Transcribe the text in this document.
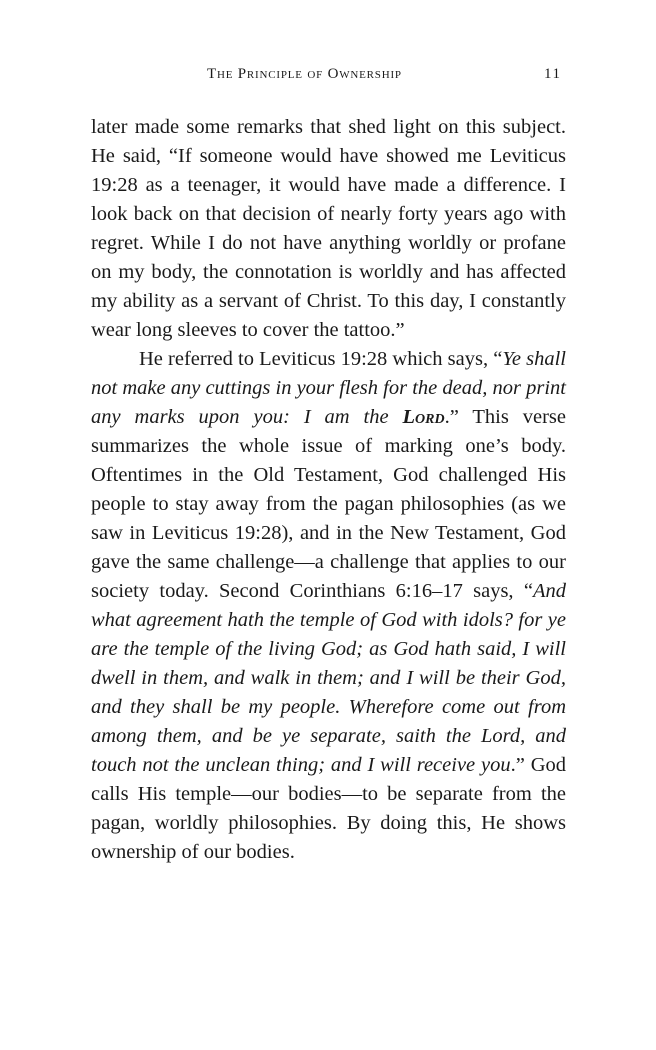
The Principle of Ownership	11

later made some remarks that shed light on this subject. He said, “If someone would have showed me Leviticus 19:28 as a teenager, it would have made a difference. I look back on that decision of nearly forty years ago with regret. While I do not have anything worldly or profane on my body, the connotation is worldly and has affected my ability as a servant of Christ. To this day, I constantly wear long sleeves to cover the tattoo.”

He referred to Leviticus 19:28 which says, “Ye shall not make any cuttings in your flesh for the dead, nor print any marks upon you: I am the Lord.” This verse summarizes the whole issue of marking one’s body. Oftentimes in the Old Testament, God challenged His people to stay away from the pagan philosophies (as we saw in Leviticus 19:28), and in the New Testament, God gave the same challenge—a challenge that applies to our society today. Second Corinthians 6:16–17 says, “And what agreement hath the temple of God with idols? for ye are the temple of the living God; as God hath said, I will dwell in them, and walk in them; and I will be their God, and they shall be my people. Wherefore come out from among them, and be ye separate, saith the Lord, and touch not the unclean thing; and I will receive you.” God calls His temple—our bodies—to be separate from the pagan, worldly philosophies. By doing this, He shows ownership of our bodies.
